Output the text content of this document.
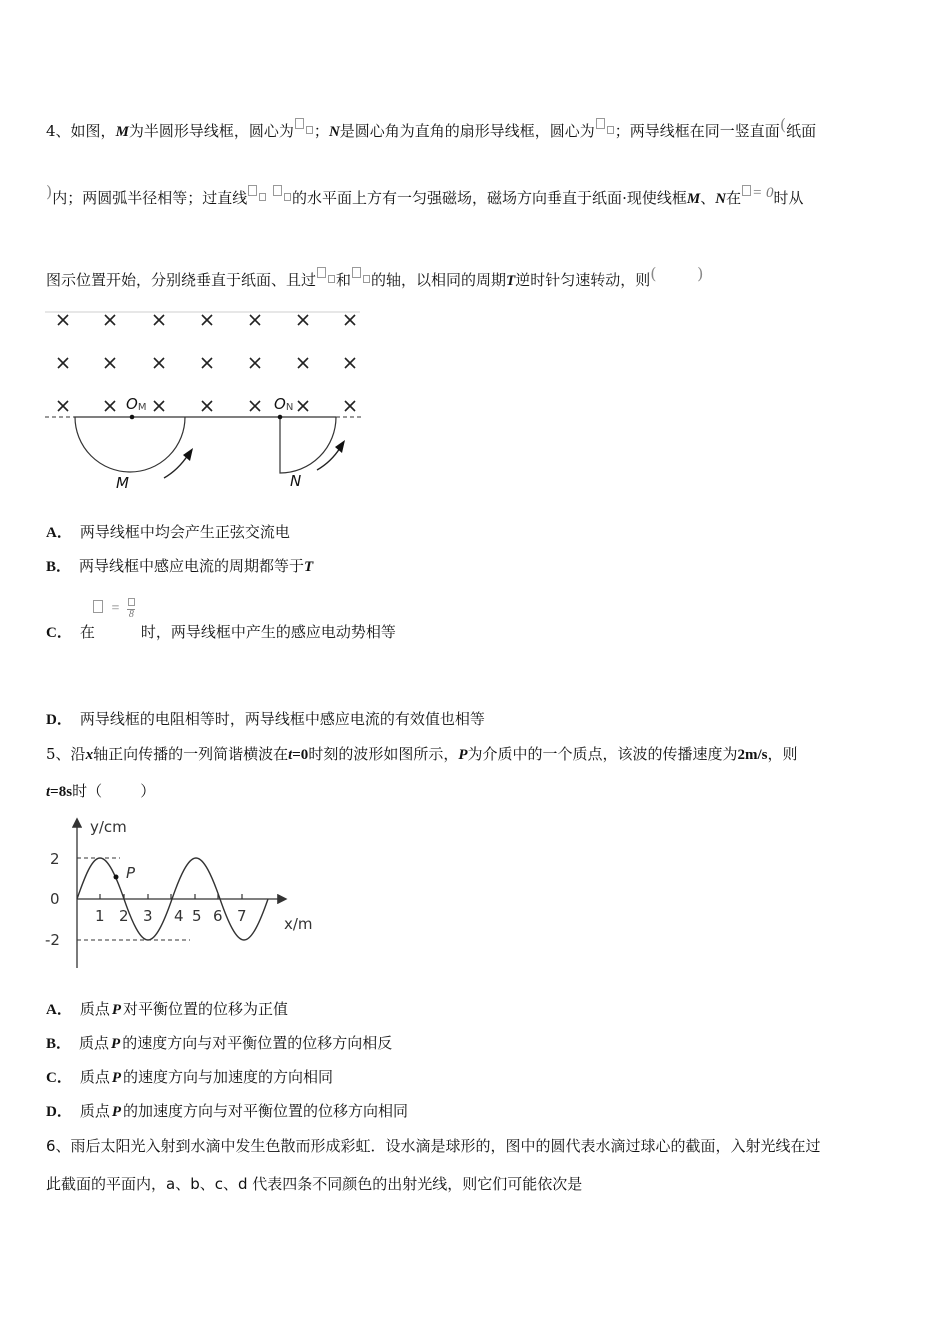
4、如图，M为半圆形导线框，圆心为 ；N是圆心角为直角的扇形导线框，圆心为 ；两导线框在同一竖直面(纸面
)内；两圆弧半径相等；过直线	的水平面上方有一匀强磁场，磁场方向垂直于纸面·现使线框M、N在 = 0时从
图示位置开始，分别绕垂直于纸面、且过 和 的轴，以相同的周期T逆时针匀速转动，则(        )
OM	ON
M	N
A． 两导线框中均会产生正弦交流电
B． 两导线框中感应电流的周期都等于T
= 8
C． 在	时，两导线框中产生的感应电动势相等
D． 两导线框的电阻相等时，两导线框中感应电流的有效值也相等
5、沿x轴正向传播的一列简谐横波在t=0时刻的波形如图所示，P为介质中的一个质点，该波的传播速度为2m/s，则
t=8s时（	）
y/cm
x/m
2
0
-2
1 2 3 4 5 6 7
P
A． 质点 P 对平衡位置的位移为正值
B． 质点 P 的速度方向与对平衡位置的位移方向相反
C． 质点 P 的速度方向与加速度的方向相同
D． 质点 P 的加速度方向与对平衡位置的位移方向相同
6、雨后太阳光入射到水滴中发生色散而形成彩虹．设水滴是球形的，图中的圆代表水滴过球心的截面，入射光线在过
此截面的平面内，a、b、c、d 代表四条不同颜色的出射光线，则它们可能依次是
